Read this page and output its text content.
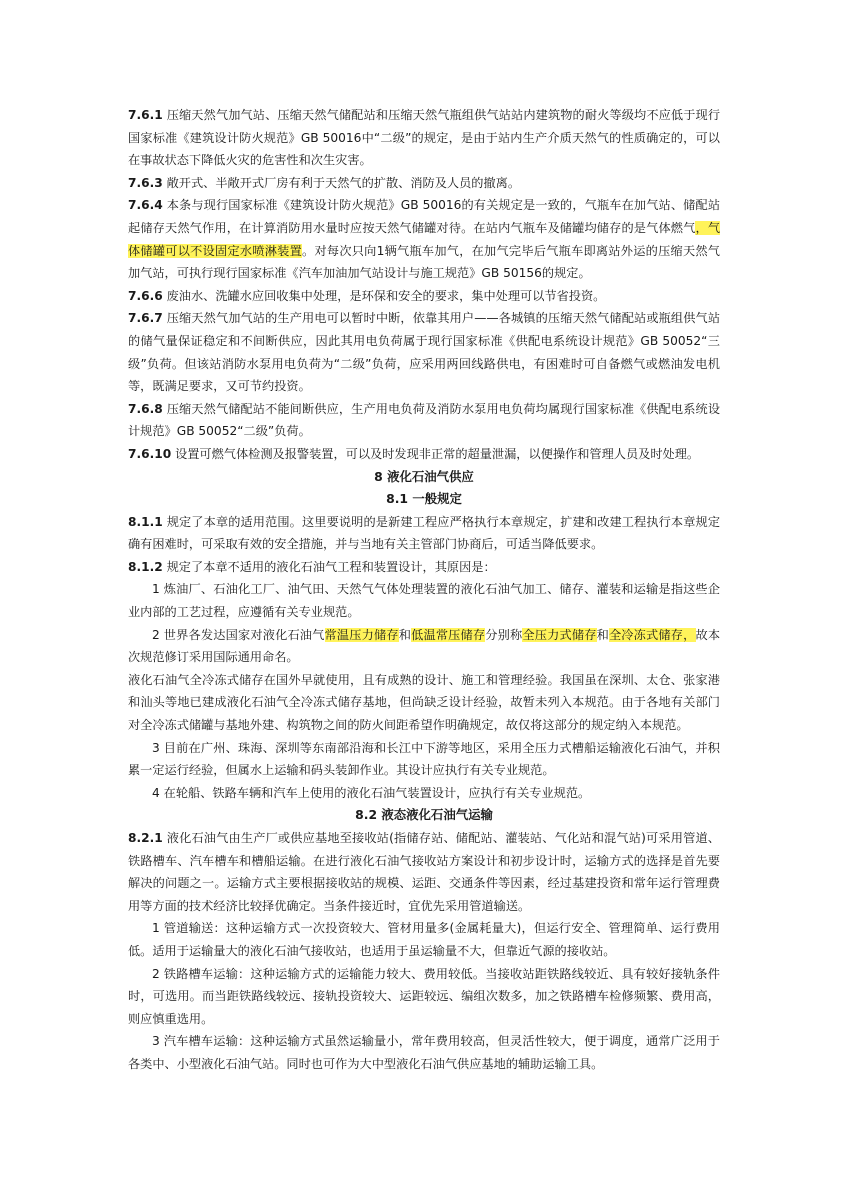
7.6.1 压缩天然气加气站、压缩天然气储配站和压缩天然气瓶组供气站站内建筑物的耐火等级均不应低于现行国家标准《建筑设计防火规范》GB 50016中“二级”的规定，是由于站内生产介质天然气的性质确定的，可以在事故状态下降低火灾的危害性和次生灾害。

7.6.3 敞开式、半敞开式厂房有利于天然气的扩散、消防及人员的撤离。

7.6.4 本条与现行国家标准《建筑设计防火规范》GB 50016的有关规定是一致的，气瓶车在加气站、储配站起储存天然气作用，在计算消防用水量时应按天然气储罐对待。在站内气瓶车及储罐均储存的是气体燃气，气体储罐可以不设固定水喷淋装置。对每次只向1辆气瓶车加气，在加气完毕后气瓶车即离站外运的压缩天然气加气站，可执行现行国家标准《汽车加油加气站设计与施工规范》GB 50156的规定。

7.6.6 废油水、洗罐水应回收集中处理，是环保和安全的要求，集中处理可以节省投资。

7.6.7 压缩天然气加气站的生产用电可以暂时中断，依靠其用户——各城镇的压缩天然气储配站或瓶组供气站的储气量保证稳定和不间断供应，因此其用电负荷属于现行国家标准《供配电系统设计规范》GB 50052“三级”负荷。但该站消防水泵用电负荷为“二级”负荷，应采用两回线路供电，有困难时可自备燃气或燃油发电机等，既满足要求，又可节约投资。

7.6.8 压缩天然气储配站不能间断供应，生产用电负荷及消防水泵用电负荷均属现行国家标准《供配电系统设计规范》GB 50052“二级”负荷。

7.6.10 设置可燃气体检测及报警装置，可以及时发现非正常的超量泄漏，以便操作和管理人员及时处理。

8 液化石油气供应

8.1 一般规定

8.1.1 规定了本章的适用范围。这里要说明的是新建工程应严格执行本章规定，扩建和改建工程执行本章规定确有困难时，可采取有效的安全措施，并与当地有关主管部门协商后，可适当降低要求。

8.1.2 规定了本章不适用的液化石油气工程和装置设计，其原因是：

1 炼油厂、石油化工厂、油气田、天然气气体处理装置的液化石油气加工、储存、灌装和运输是指这些企业内部的工艺过程，应遵循有关专业规范。

2 世界各发达国家对液化石油气常温压力储存和低温常压储存分别称全压力式储存和全冷冻式储存，故本次规范修订采用国际通用命名。

液化石油气全冷冻式储存在国外早就使用，且有成熟的设计、施工和管理经验。我国虽在深圳、太仓、张家港和汕头等地已建成液化石油气全冷冻式储存基地，但尚缺乏设计经验，故暂未列入本规范。由于各地有关部门对全冷冻式储罐与基地外建、构筑物之间的防火间距希望作明确规定，故仅将这部分的规定纳入本规范。

3 目前在广州、珠海、深圳等东南部沿海和长江中下游等地区，采用全压力式槽船运输液化石油气，并积累一定运行经验，但属水上运输和码头装卸作业。其设计应执行有关专业规范。

4 在轮船、铁路车辆和汽车上使用的液化石油气装置设计，应执行有关专业规范。

8.2 液态液化石油气运输

8.2.1 液化石油气由生产厂或供应基地至接收站(指储存站、储配站、灌装站、气化站和混气站)可采用管道、铁路槽车、汽车槽车和槽船运输。在进行液化石油气接收站方案设计和初步设计时，运输方式的选择是首先要解决的问题之一。运输方式主要根据接收站的规模、运距、交通条件等因素，经过基建投资和常年运行管理费用等方面的技术经济比较择优确定。当条件接近时，宜优先采用管道输送。

1 管道输送：这种运输方式一次投资较大、管材用量多(金属耗量大)，但运行安全、管理简单、运行费用低。适用于运输量大的液化石油气接收站，也适用于虽运输量不大，但靠近气源的接收站。

2 铁路槽车运输：这种运输方式的运输能力较大、费用较低。当接收站距铁路线较近、具有较好接轨条件时，可选用。而当距铁路线较远、接轨投资较大、运距较远、编组次数多，加之铁路槽车检修频繁、费用高，则应慎重选用。

3 汽车槽车运输：这种运输方式虽然运输量小，常年费用较高，但灵活性较大，便于调度，通常广泛用于各类中、小型液化石油气站。同时也可作为大中型液化石油气供应基地的辅助运输工具。
